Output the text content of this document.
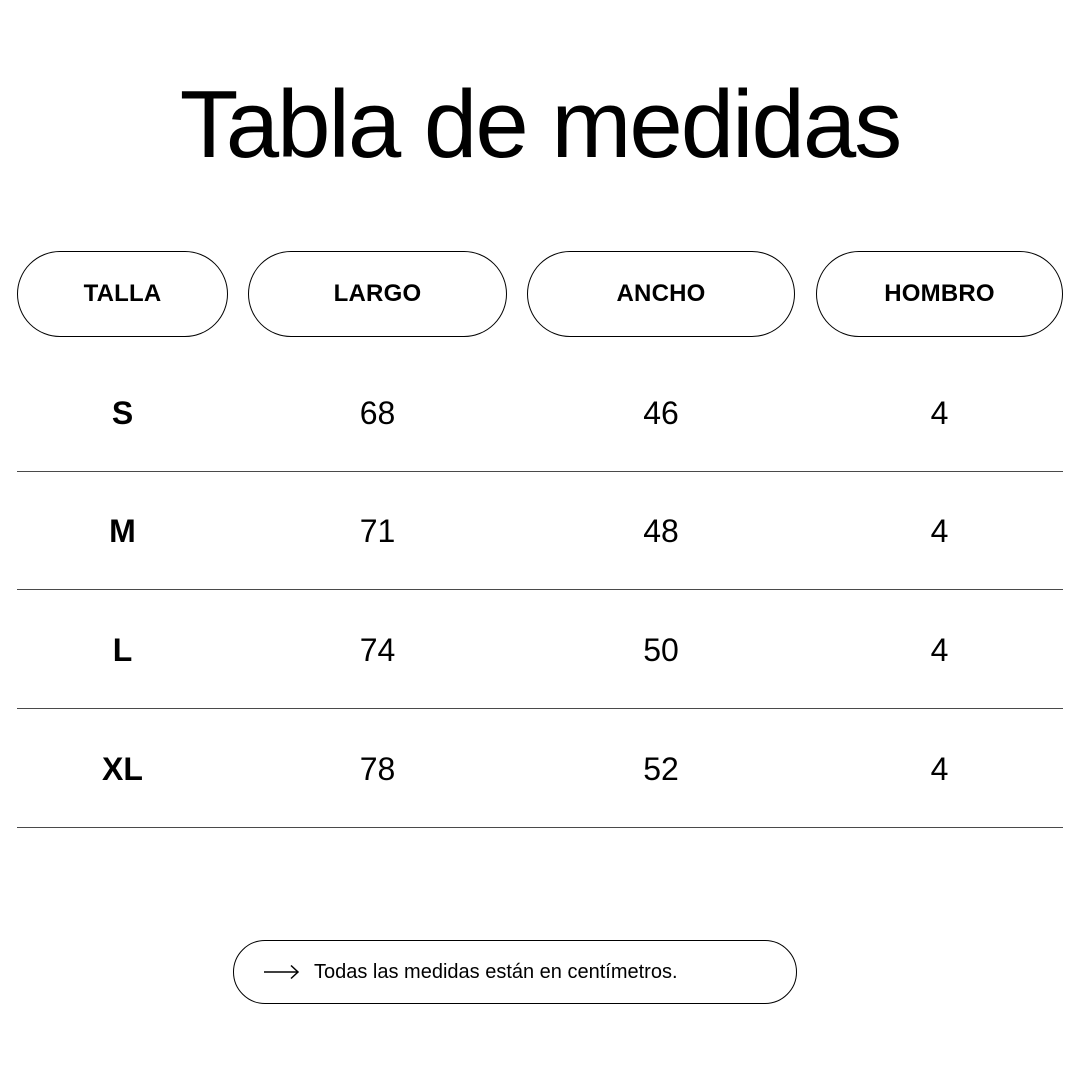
Tabla de medidas
TALLA	LARGO	ANCHO	HOMBRO
S	68	46	4
M	71	48	4
L	74	50	4
XL	78	52	4
Todas las medidas están en centímetros.
